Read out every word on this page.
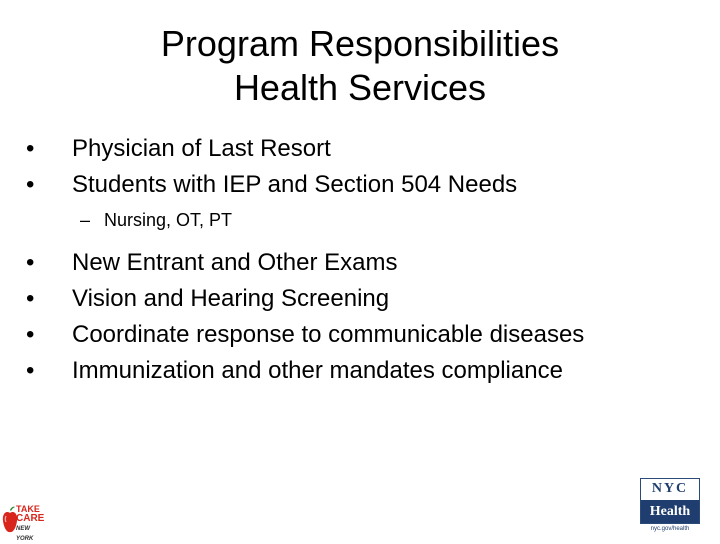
Program Responsibilities
Health Services
• Physician of Last Resort
• Students with IEP and Section 504 Needs
– Nursing, OT, PT
• New Entrant and Other Exams
• Vision and Hearing Screening
• Coordinate response to communicable diseases
• Immunization and other mandates compliance
TAKE
CARE
NEW YORK
NYC
Health
nyc.gov/health
